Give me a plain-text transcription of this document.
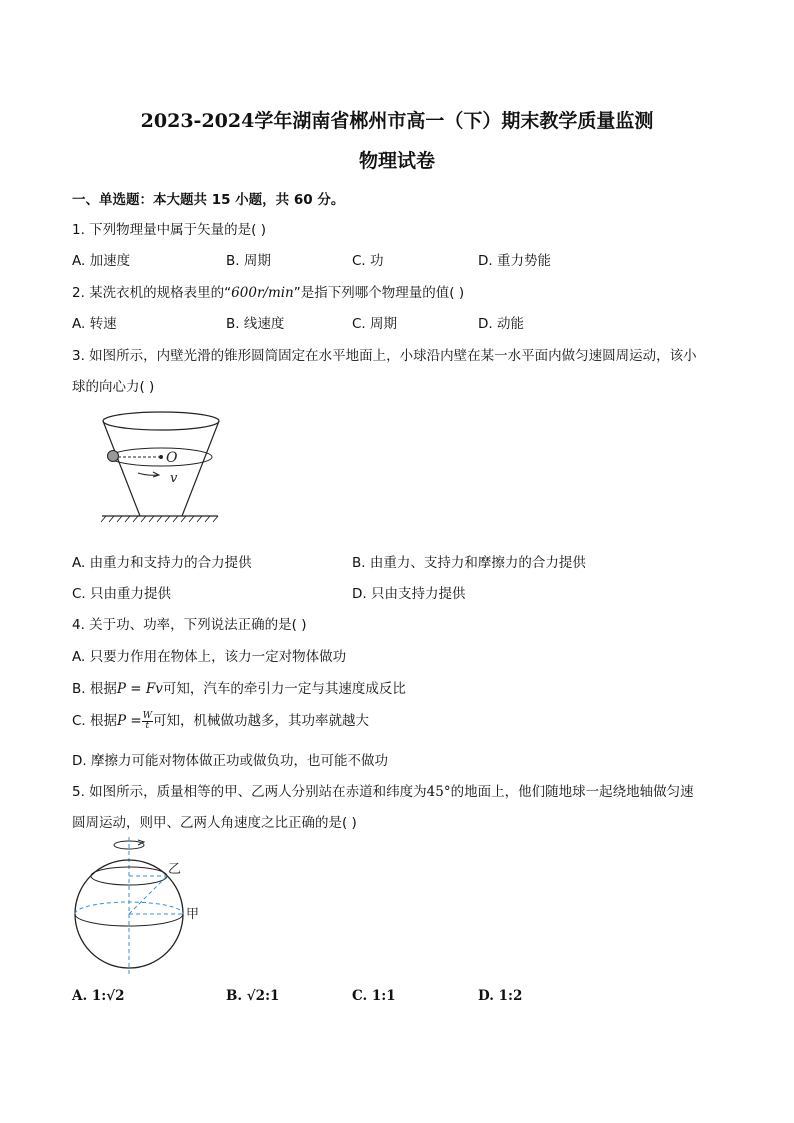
2023-2024学年湖南省郴州市高一（下）期末教学质量监测
物理试卷
一、单选题：本大题共 15 小题，共 60 分。
1. 下列物理量中属于矢量的是( )
A. 加速度	B. 周期	C. 功	D. 重力势能
2. 某洗衣机的规格表里的“600r/min”是指下列哪个物理量的值( )
A. 转速	B. 线速度	C. 周期	D. 动能
3. 如图所示，内壁光滑的锥形圆筒固定在水平地面上，小球沿内壁在某一水平面内做匀速圆周运动，该小
球的向心力( )
O
v
A. 由重力和支持力的合力提供	B. 由重力、支持力和摩擦力的合力提供
C. 只由重力提供	D. 只由支持力提供
4. 关于功、功率，下列说法正确的是( )
A. 只要力作用在物体上，该力一定对物体做功
B. 根据P = Fv可知，汽车的牵引力一定与其速度成反比
C. 根据$P = \frac{W}{t}$ 可知，机械做功越多，其功率就越大
D. 摩擦力可能对物体做正功或做负功，也可能不做功
5. 如图所示，质量相等的甲、乙两人分别站在赤道和纬度为45°的地面上，他们随地球一起绕地轴做匀速
圆周运动，则甲、乙两人角速度之比正确的是( )
乙
甲
A. 1:√2	B. √2:1	C. 1:1	D. 1:2
